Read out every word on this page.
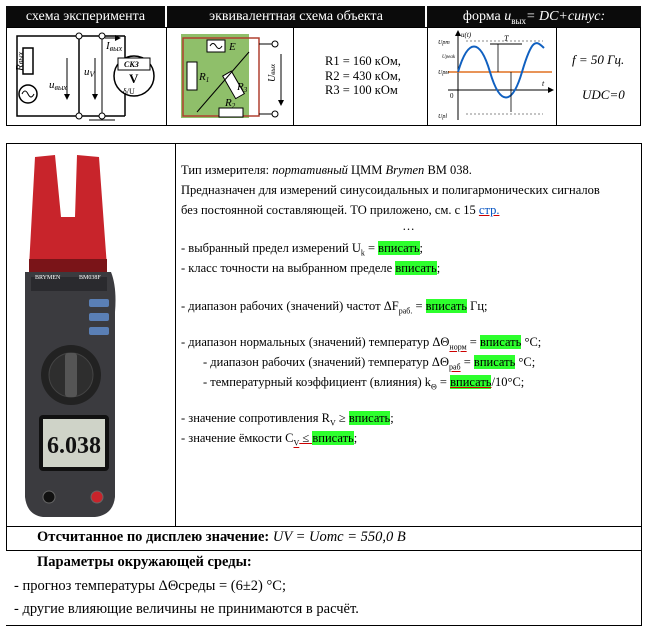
схема эксперимента	эквивалентная схема объекта	форма $u_{вых}=$ DC+синус:
Rвых
Iвых
uV
uвых
СКЗ
V
δ/U
E
R1
R3
R2
Uвых
R1 = 160 кОм,
R2 = 430 кОм,
R3 = 100 кОм
u(t)
t
T
Upm
Upeak
Uрм
0
Upl
f = 50 Гц.
UDC=0
BRYMEN	BM038F
6.038
Тип измерителя: портативный ЦММ Brymen BM 038.
Предназначен для измерений синусоидальных и полигармонических сигналов
без постоянной составляющей. ТО приложено, см. с 15 стр.
…

- выбранный предел измерений $U_k$ = вписать;

- класс точности на выбранном пределе вписать;

- диапазон рабочих (значений) частот $\Delta F_{раб.}$ = вписать Гц;

- диапазон нормальных (значений) температур $\Delta\Theta_{норм}$ = вписать °C;

- диапазон рабочих (значений) температур $\Delta\Theta_{раб}$ = вписать °C;

- температурный коэффициент (влияния) $k_\Theta$ = вписать/10°C;

- значение сопротивления $R_V$ ≥ вписать;

- значение ёмкости $C_V$ ≤ вписать;

Отсчитанное по дисплею значение: UV = Uотс = 550,0 В
Параметры окружающей среды:
- прогноз температуры ΔΘсреды = (6±2) °C;
- другие влияющие величины не принимаются в расчёт.
